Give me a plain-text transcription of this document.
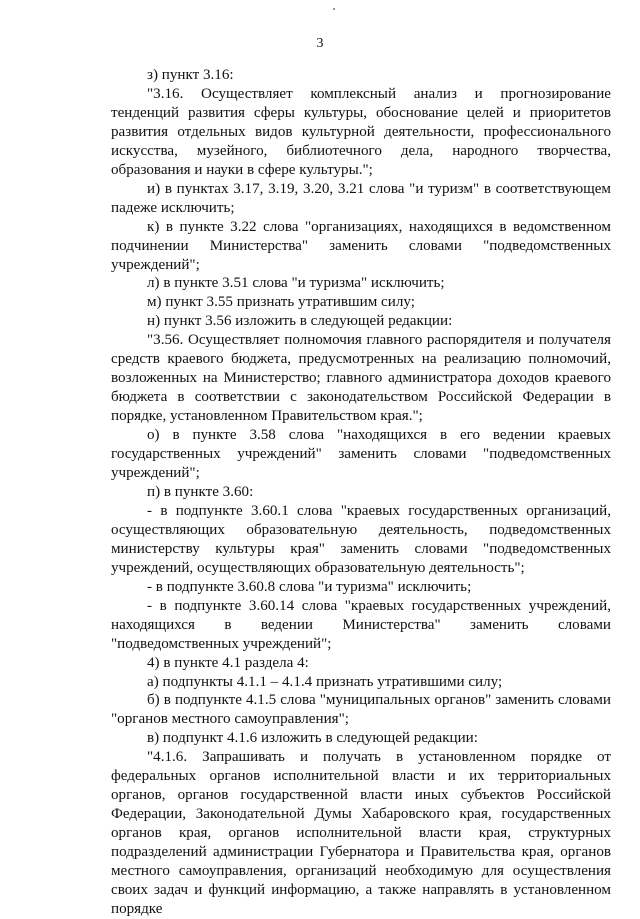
3

з) пункт 3.16:

"3.16. Осуществляет комплексный анализ и прогнозирование тенденций развития сферы культуры, обоснование целей и приоритетов развития отдельных видов культурной деятельности, профессионального искусства, музейного, библиотечного дела, народного творчества, образования и науки в сфере культуры.";

и) в пунктах 3.17, 3.19, 3.20, 3.21 слова "и туризм" в соответствующем падеже исключить;

к) в пункте 3.22 слова "организациях, находящихся в ведомственном подчинении Министерства" заменить словами "подведомственных учреждений";

л) в пункте 3.51 слова "и туризма" исключить;

м) пункт 3.55 признать утратившим силу;

н) пункт 3.56 изложить в следующей редакции:

"3.56. Осуществляет полномочия главного распорядителя и получателя средств краевого бюджета, предусмотренных на реализацию полномочий, возложенных на Министерство; главного администратора доходов краевого бюджета в соответствии с законодательством Российской Федерации в порядке, установленном Правительством края.";

о) в пункте 3.58 слова "находящихся в его ведении краевых государственных учреждений" заменить словами "подведомственных учреждений";

п) в пункте 3.60:

- в подпункте 3.60.1 слова "краевых государственных организаций, осуществляющих образовательную деятельность, подведомственных министерству культуры края" заменить словами "подведомственных учреждений, осуществляющих образовательную деятельность";

- в подпункте 3.60.8 слова "и туризма" исключить;

- в подпункте 3.60.14 слова "краевых государственных учреждений, находящихся в ведении Министерства" заменить словами "подведомственных учреждений";

4) в пункте 4.1 раздела 4:

а) подпункты 4.1.1 – 4.1.4 признать утратившими силу;

б) в подпункте 4.1.5 слова "муниципальных органов" заменить словами "органов местного самоуправления";

в) подпункт 4.1.6 изложить в следующей редакции:

"4.1.6. Запрашивать и получать в установленном порядке от федеральных органов исполнительной власти и их территориальных органов, органов государственной власти иных субъектов Российской Федерации, Законодательной Думы Хабаровского края, государственных органов края, органов исполнительной власти края, структурных подразделений администрации Губернатора и Правительства края, органов местного самоуправления, организаций необходимую для осуществления своих задач и функций информацию, а также направлять в установленном порядке
